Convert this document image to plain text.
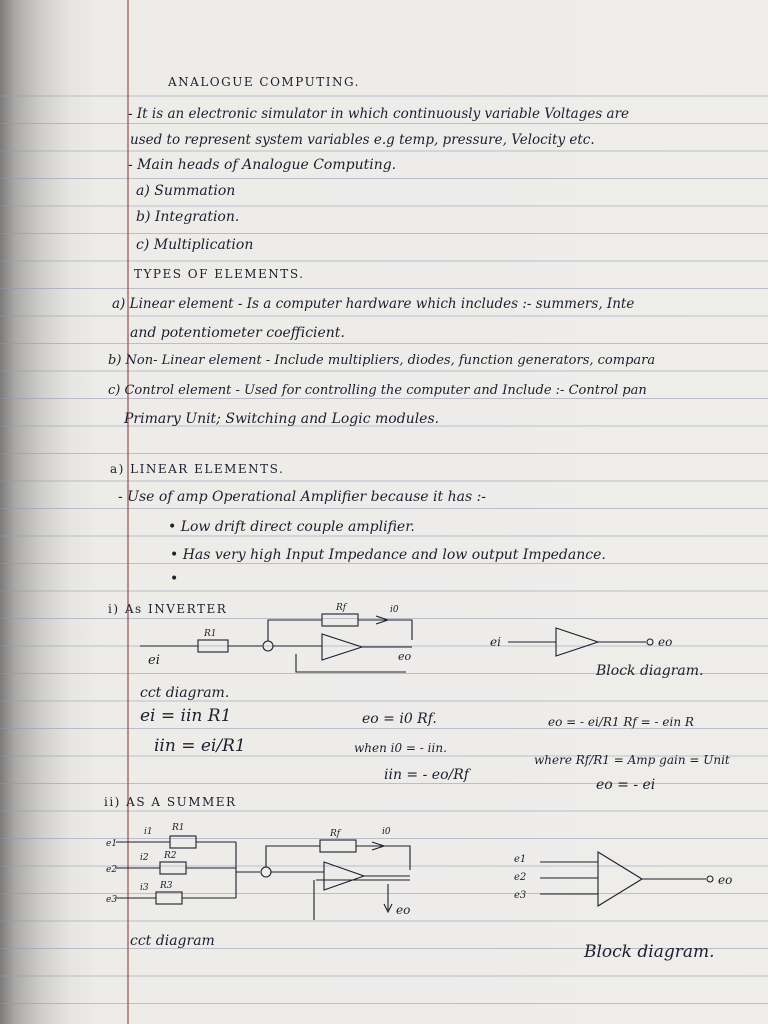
ANALOGUE COMPUTING.
- It is an electronic simulator in which continuously variable Voltages are
used to represent system variables e.g temp, pressure, Velocity etc.
- Main heads of Analogue Computing.
a) Summation
b) Integration.
c) Multiplication
TYPES OF ELEMENTS.
a) Linear element - Is a computer hardware which includes :- summers, Inte
and potentiometer coefficient.
b) Non- Linear element - Include multipliers, diodes, function generators, compara
c) Control element - Used for controlling the computer and Include :- Control pan
Primary Unit; Switching and Logic modules.
a) LINEAR ELEMENTS.
- Use of amp Operational Amplifier because it has :-
• Low drift direct couple amplifier.
• Has very high Input Impedance and low output Impedance.
•
i) As INVERTER
R1
Rf	i0
ei	eo
ei	eo
Block diagram.
cct diagram.
ei = iin R1
iin = ei/R1
eo = i0 Rf.
when i0 = - iin.
iin = - eo/Rf
eo = - ei/R1 Rf = - ein R
where Rf/R1 = Amp gain = Unit
eo = - ei
ii) AS A SUMMER
i1 R1
i2 R2
i3 R3
e1
e2
e3
Rf	i0
eo
e1
e2
e3
eo
cct diagram
Block diagram.
